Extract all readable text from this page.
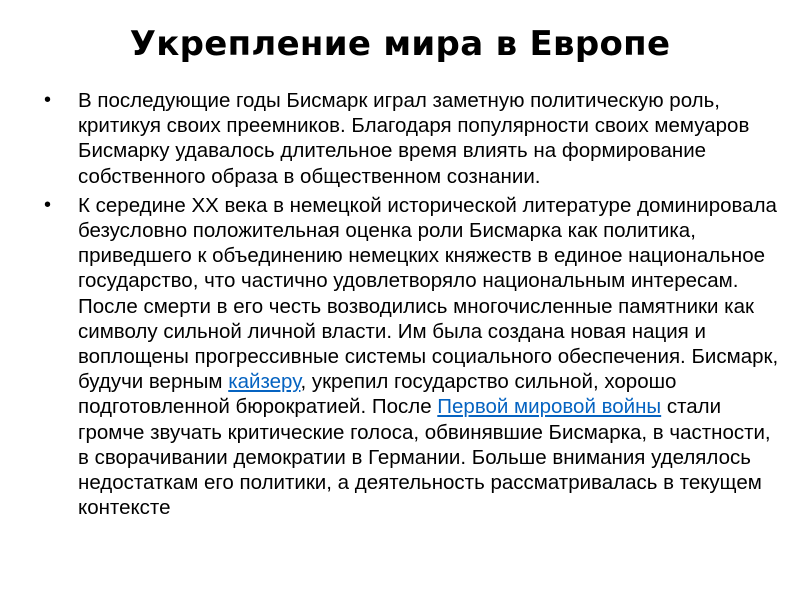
Укрепление мира в Европе
•	В последующие годы Бисмарк играл заметную политическую роль, критикуя своих преемников. Благодаря популярности своих мемуаров Бисмарку удавалось длительное время влиять на формирование собственного образа в общественном сознании.
•	К середине XX века в немецкой исторической литературе доминировала безусловно положительная оценка роли Бисмарка как политика, приведшего к объединению немецких княжеств в единое национальное государство, что частично удовлетворяло национальным интересам. После смерти в его честь возводились многочисленные памятники как символу сильной личной власти. Им была создана новая нация и воплощены прогрессивные системы социального обеспечения. Бисмарк, будучи верным кайзеру, укрепил государство сильной, хорошо подготовленной бюрократией. После Первой мировой войны стали громче звучать критические голоса, обвинявшие Бисмарка, в частности, в сворачивании демократии в Германии. Больше внимания уделялось недостаткам его политики, а деятельность рассматривалась в текущем контексте
